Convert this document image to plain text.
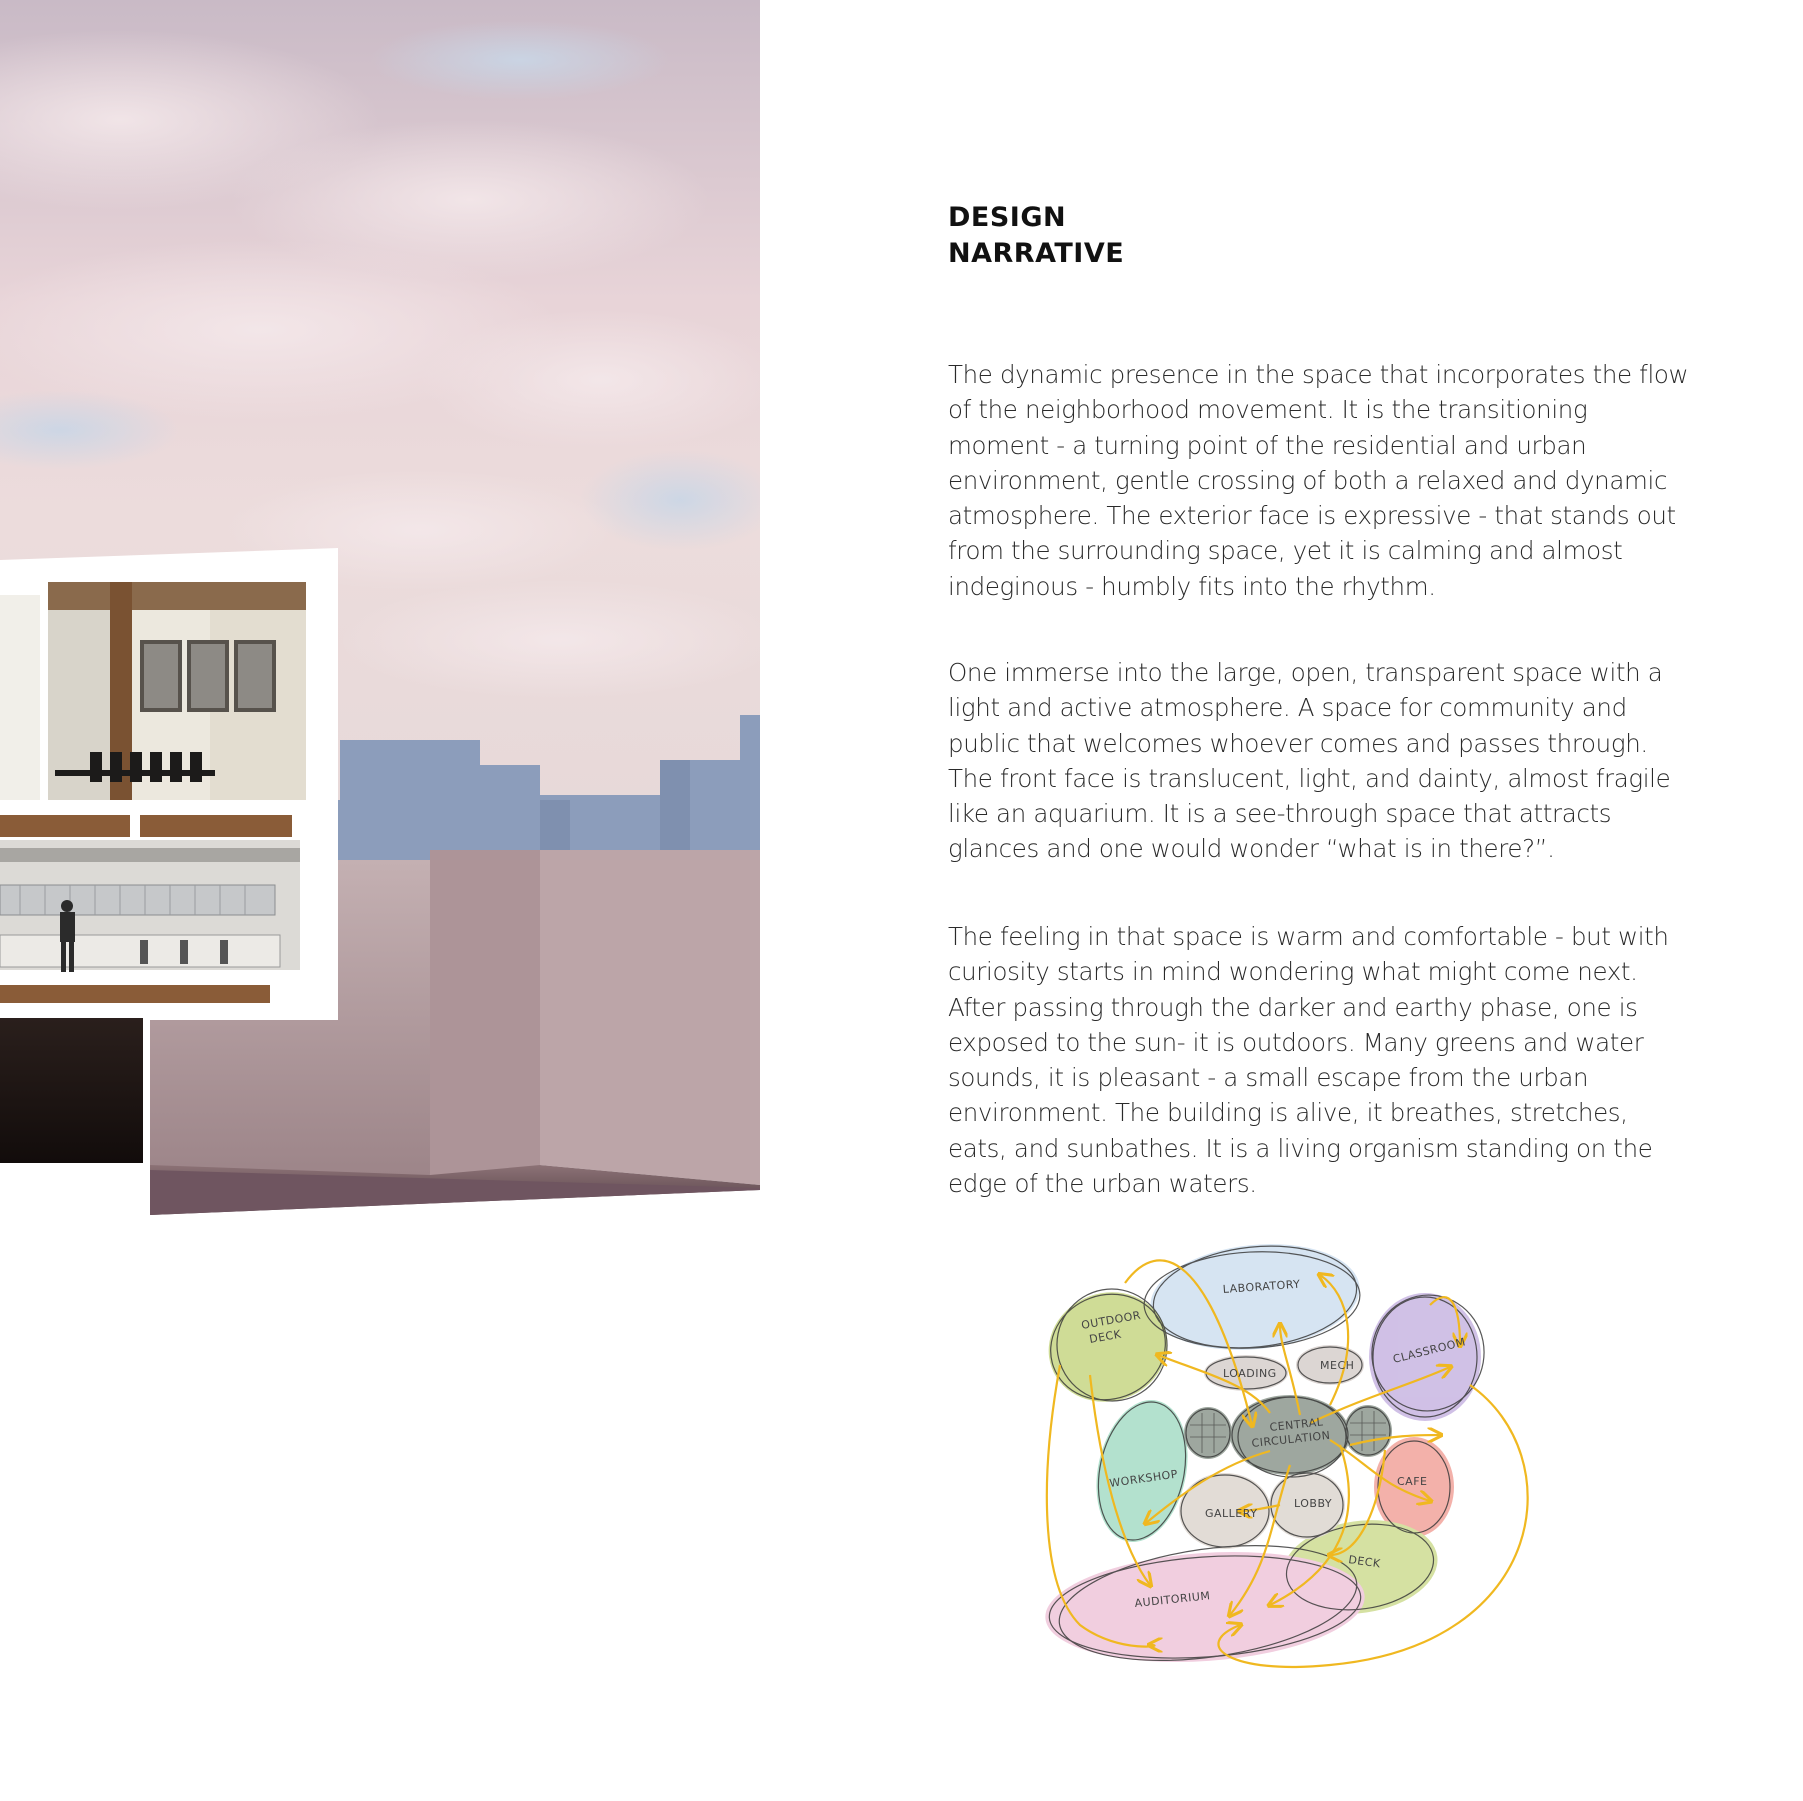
DESIGN
NARRATIVE

The dynamic presence in the space that incorporates the flow of the neighborhood movement. It is the transitioning moment - a turning point of the residential and urban environment, gentle crossing of both a relaxed and dynamic atmosphere. The exterior face is expressive - that stands out from the surrounding space, yet it is calming and almost indeginous - humbly fits into the rhythm.

One immerse into the large, open, transparent space with a light and active atmosphere. A space for community and public that welcomes whoever comes and passes through. The front face is translucent, light, and dainty, almost fragile like an aquarium. It is a see-through space that attracts glances and one would wonder “what is in there?”.

The feeling in that space is warm and comfortable - but with curiosity starts in mind wondering what might come next. After passing through the darker and earthy phase, one is exposed to the sun- it is outdoors. Many greens and water sounds, it is pleasant - a small escape from the urban environment. The building is alive, it breathes, stretches, eats, and sunbathes. It is a living organism standing on the edge of the urban waters.

LABORATORY
OUTDOOR
DECK
LOADING
MECH	CLASSROOM
CENTRAL
CIRCULATION
WORKSHOP
GALLERY
LOBBY
CAFE
DECK
AUDITORIUM
